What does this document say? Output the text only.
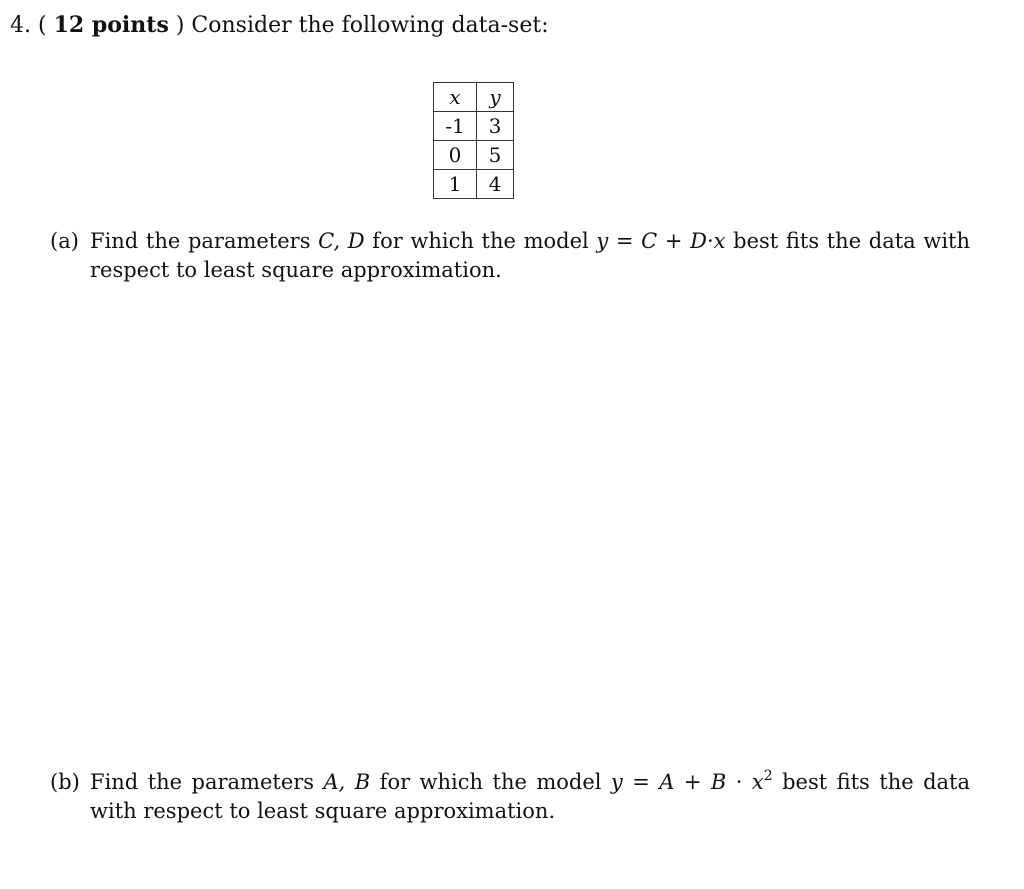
4. ( 12 points ) Consider the following data-set:
x	y
-1	3
0	5
1	4
(a) Find the parameters C, D for which the model y = C + D·x best fits the data with respect to least square approximation.
(b) Find the parameters A, B for which the model $y = A + B \cdot x^2$ best fits the data with respect to least square approximation.
